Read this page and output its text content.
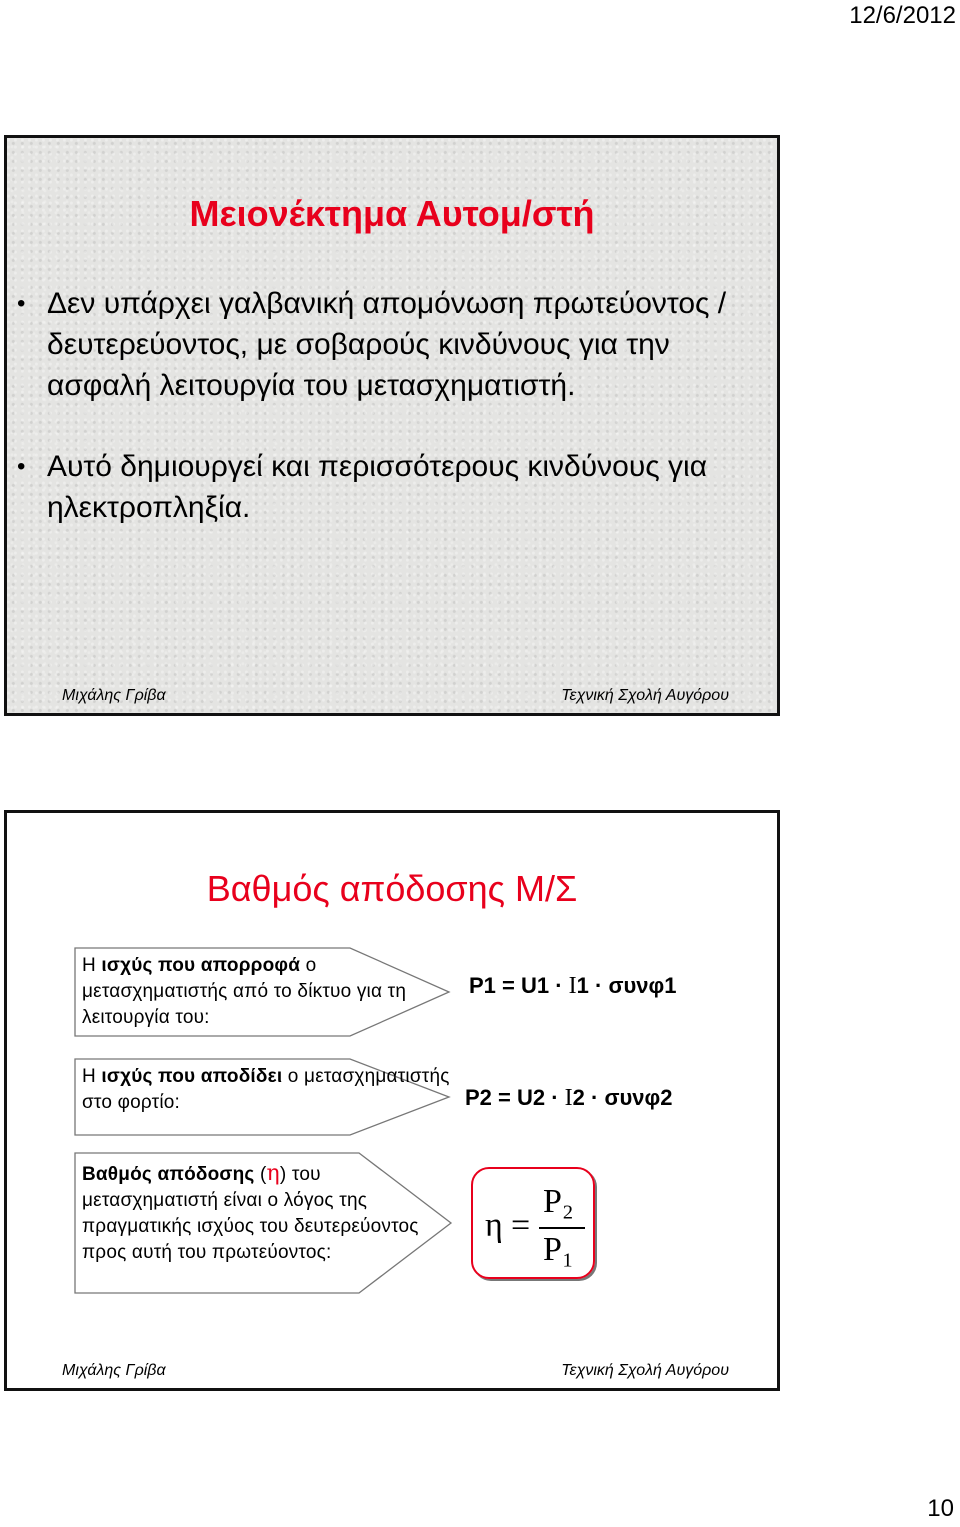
12/6/2012
Μειονέκτημα Αυτομ/στή
• Δεν υπάρχει γαλβανική απομόνωση πρωτεύοντος / δευτερεύοντος, με σοβαρούς κινδύνους για την ασφαλή λειτουργία του μετασχηματιστή.
• Αυτό δημιουργεί και περισσότερους κινδύνους για ηλεκτροπληξία.
Μιχάλης Γρίβα	Τεχνική Σχολή Αυγόρου
Βαθμός απόδοσης Μ/Σ
Η ισχύς που απορροφά ο μετασχηματιστής από το δίκτυο για τη λειτουργία του:
P1 = U1 · I1 · συνφ1
Η ισχύς που αποδίδει ο μετασχηματιστής στο φορτίο:	P2 = U2 · I2 · συνφ2
Βαθμός απόδοσης (η) του μετασχηματιστή είναι ο λόγος της πραγματικής ισχύος του δευτερεύοντος προς αυτή του πρωτεύοντος:
η =
P₂
P₁
Μιχάλης Γρίβα	Τεχνική Σχολή Αυγόρου
10
